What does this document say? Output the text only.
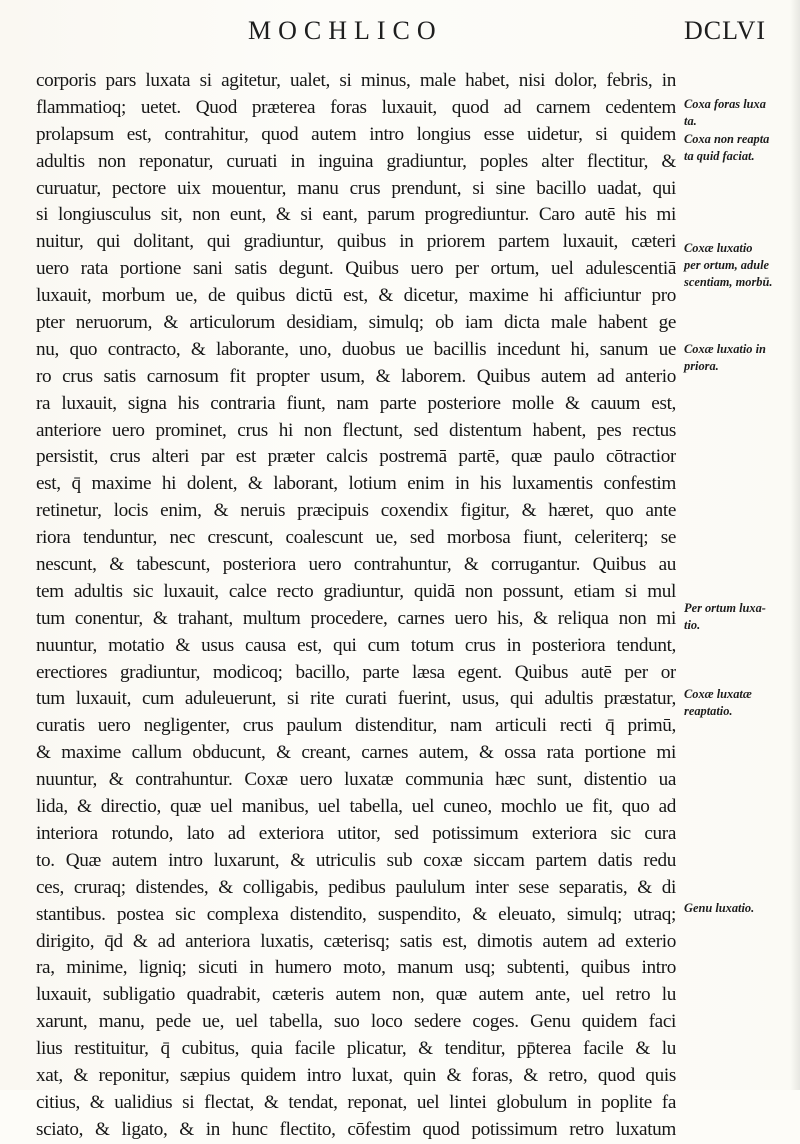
MOCHLICO	DCLVI
corporis pars luxata si agitetur, ualet, si minus, male habet, nisi dolor, febris, in
flammatioq; uetet. Quod præterea foras luxauit, quod ad carnem cedentem
prolapsum est, contrahitur, quod autem intro longius esse uidetur, si quidem
adultis non reponatur, curuati in inguina gradiuntur, poples alter flectitur, &
curuatur, pectore uix mouentur, manu crus prendunt, si sine bacillo uadat, qui
si longiusculus sit, non eunt, & si eant, parum progrediuntur. Caro autē his mi
nuitur, qui dolitant, qui gradiuntur, quibus in priorem partem luxauit, cæteri
uero rata portione sani satis degunt. Quibus uero per ortum, uel adulescentiā
luxauit, morbum ue, de quibus dictū est, & dicetur, maxime hi afficiuntur pro
pter neruorum, & articulorum desidiam, simulq; ob iam dicta male habent ge
nu, quo contracto, & laborante, uno, duobus ue bacillis incedunt hi, sanum ue
ro crus satis carnosum fit propter usum, & laborem. Quibus autem ad anterio
ra luxauit, signa his contraria fiunt, nam parte posteriore molle & cauum est,
anteriore uero prominet, crus hi non flectunt, sed distentum habent, pes rectus
persistit, crus alteri par est præter calcis postremā partē, quæ paulo cōtractior
est, q̄ maxime hi dolent, & laborant, lotium enim in his luxamentis confestim
retinetur, locis enim, & neruis præcipuis coxendix figitur, & hæret, quo ante
riora tenduntur, nec crescunt, coalescunt ue, sed morbosa fiunt, celeriterq; se
nescunt, & tabescunt, posteriora uero contrahuntur, & corrugantur. Quibus au
tem adultis sic luxauit, calce recto gradiuntur, quidā non possunt, etiam si mul
tum conentur, & trahant, multum procedere, carnes uero his, & reliqua non mi
nuuntur, motatio & usus causa est, qui cum totum crus in posteriora tendunt,
erectiores gradiuntur, modicoq; bacillo, parte læsa egent. Quibus autē per or
tum luxauit, cum aduleuerunt, si rite curati fuerint, usus, qui adultis præstatur,
curatis uero negligenter, crus paulum distenditur, nam articuli recti q̄ primū,
& maxime callum obducunt, & creant, carnes autem, & ossa rata portione mi
nuuntur, & contrahuntur. Coxæ uero luxatæ communia hæc sunt, distentio ua
lida, & directio, quæ uel manibus, uel tabella, uel cuneo, mochlo ue fit, quo ad
interiora rotundo, lato ad exteriora utitor, sed potissimum exteriora sic cura
to. Quæ autem intro luxarunt, & utriculis sub coxæ siccam partem datis redu
ces, cruraq; distendes, & colligabis, pedibus paululum inter sese separatis, & di
stantibus. postea sic complexa distendito, suspendito, & eleuato, simulq; utraq;
dirigito, q̄d & ad anteriora luxatis, cæterisq; satis est, dimotis autem ad exterio
ra, minime, ligniq; sicuti in humero moto, manum usq; subtenti, quibus intro
luxauit, subligatio quadrabit, cæteris autem non, quæ autem ante, uel retro lu
xarunt, manu, pede ue, uel tabella, suo loco sedere coges. Genu quidem faci
lius restituitur, q̄ cubitus, quia facile plicatur, & tenditur, pp̄terea facile & lu
xat, & reponitur, sæpius quidem intro luxat, quin & foras, & retro, quod quis
citius, & ualidius si flectat, & tendat, reponat, uel lintei globulum in poplite fa
sciato, & ligato, & in hunc flectito, cōfestim quod potissimum retro luxatum
Coxa foras luxa
ta.
Coxa non reapta
ta quid faciat.
Coxæ luxatio
per ortum, adule
scentiam, morbū.
Coxæ luxatio in
priora.
Per ortum luxa-
tio.
Coxæ luxatæ
reaptatio.
Genu luxatio.
